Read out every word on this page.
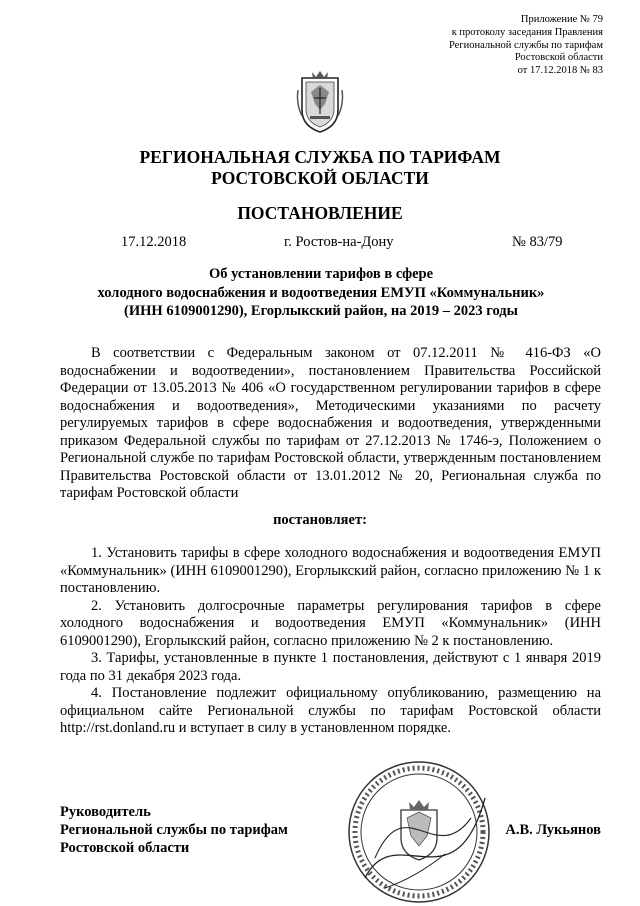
Приложение № 79
к протоколу заседания Правления
Региональной службы по тарифам
Ростовской области
от 17.12.2018 № 83
РЕГИОНАЛЬНАЯ СЛУЖБА ПО ТАРИФАМ
РОСТОВСКОЙ ОБЛАСТИ
ПОСТАНОВЛЕНИЕ
17.12.2018	г. Ростов-на-Дону	№ 83/79
Об установлении тарифов в сфере
холодного водоснабжения и водоотведения ЕМУП «Коммунальник»
(ИНН 6109001290), Егорлыкский район, на 2019 – 2023 годы

В соответствии с Федеральным законом от 07.12.2011 № 416-ФЗ «О водоснабжении и водоотведении», постановлением Правительства Российской Федерации от 13.05.2013 № 406 «О государственном регулировании тарифов в сфере водоснабжения и водоотведения», Методическими указаниями по расчету регулируемых тарифов в сфере водоснабжения и водоотведения, утвержденными приказом Федеральной службы по тарифам от 27.12.2013 № 1746-э, Положением о Региональной службе по тарифам Ростовской области, утвержденным постановлением Правительства Ростовской области от 13.01.2012 № 20, Региональная служба по тарифам Ростовской области

постановляет:

1. Установить тарифы в сфере холодного водоснабжения и водоотведения ЕМУП «Коммунальник» (ИНН 6109001290), Егорлыкский район, согласно приложению № 1 к постановлению.

2. Установить долгосрочные параметры регулирования тарифов в сфере холодного водоснабжения и водоотведения ЕМУП «Коммунальник» (ИНН 6109001290), Егорлыкский район, согласно приложению № 2 к постановлению.

3. Тарифы, установленные в пункте 1 постановления, действуют с 1 января 2019 года по 31 декабря 2023 года.

4. Постановление подлежит официальному опубликованию, размещению на официальном сайте Региональной службы по тарифам Ростовской области http://rst.donland.ru и вступает в силу в установленном порядке.

Руководитель
Региональной службы по тарифам
Ростовской области
А.В. Лукьянов
